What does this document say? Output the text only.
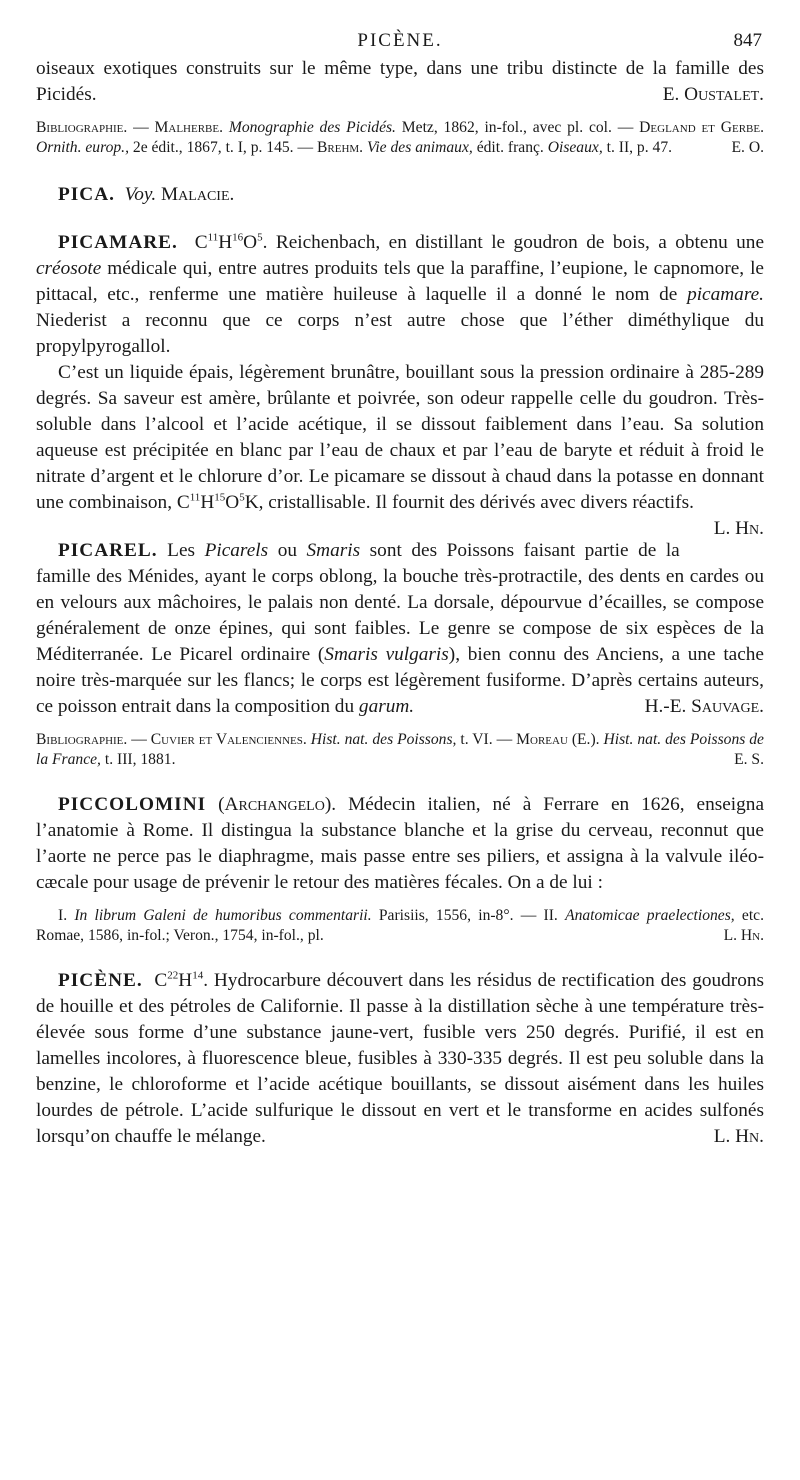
PICÈNE.	847

oiseaux exotiques construits sur le même type, dans une tribu distincte de la famille des Picidés.	E. Oustalet.

Bibliographie. — Malherbe. Monographie des Picidés. Metz, 1862, in-fol., avec pl. col. — Degland et Gerbe. Ornith. europ., 2e édit., 1867, t. I, p. 145. — Brehm. Vie des animaux, édit. franç. Oiseaux, t. II, p. 47.	E. O.

PICA. Voy. Malacie.

PICAMARE. $C^{11}H^{16}O^5$. Reichenbach, en distillant le goudron de bois, a obtenu une créosote médicale qui, entre autres produits tels que la paraffine, l’eupione, le capnomore, le pittacal, etc., renferme une matière huileuse à laquelle il a donné le nom de picamare. Niederist a reconnu que ce corps n’est autre chose que l’éther diméthylique du propylpyrogallol.

C’est un liquide épais, légèrement brunâtre, bouillant sous la pression ordinaire à 285-289 degrés. Sa saveur est amère, brûlante et poivrée, son odeur rappelle celle du goudron. Très-soluble dans l’alcool et l’acide acétique, il se dissout faiblement dans l’eau. Sa solution aqueuse est précipitée en blanc par l’eau de chaux et par l’eau de baryte et réduit à froid le nitrate d’argent et le chlorure d’or. Le picamare se dissout à chaud dans la potasse en donnant une combinaison, $C^{11}H^{15}O^5K$, cristallisable. Il fournit des dérivés avec divers réactifs.
L. Hn.

PICAREL. Les Picarels ou Smaris sont des Poissons faisant partie de la famille des Ménides, ayant le corps oblong, la bouche très-protractile, des dents en cardes ou en velours aux mâchoires, le palais non denté. La dorsale, dépourvue d’écailles, se compose généralement de onze épines, qui sont faibles. Le genre se compose de six espèces de la Méditerranée. Le Picarel ordinaire (Smaris vulgaris), bien connu des Anciens, a une tache noire très-marquée sur les flancs; le corps est légèrement fusiforme. D’après certains auteurs, ce poisson entrait dans la composition du garum.	H.-E. Sauvage.

Bibliographie. — Cuvier et Valenciennes. Hist. nat. des Poissons, t. VI. — Moreau (E.). Hist. nat. des Poissons de la France, t. III, 1881.	E. S.

PICCOLOMINI (Archangelo). Médecin italien, né à Ferrare en 1626, enseigna l’anatomie à Rome. Il distingua la substance blanche et la grise du cerveau, reconnut que l’aorte ne perce pas le diaphragme, mais passe entre ses piliers, et assigna à la valvule iléo-cæcale pour usage de prévenir le retour des matières fécales. On a de lui :

I. In librum Galeni de humoribus commentarii. Parisiis, 1556, in-8°. — II. Anatomicae praelectiones, etc. Romae, 1586, in-fol.; Veron., 1754, in-fol., pl.	L. Hn.

PICÈNE. $C^{22}H^{14}$. Hydrocarbure découvert dans les résidus de rectification des goudrons de houille et des pétroles de Californie. Il passe à la distillation sèche à une température très-élevée sous forme d’une substance jaune-vert, fusible vers 250 degrés. Purifié, il est en lamelles incolores, à fluorescence bleue, fusibles à 330-335 degrés. Il est peu soluble dans la benzine, le chloroforme et l’acide acétique bouillants, se dissout aisément dans les huiles lourdes de pétrole. L’acide sulfurique le dissout en vert et le transforme en acides sulfonés lorsqu’on chauffe le mélange.	L. Hn.
